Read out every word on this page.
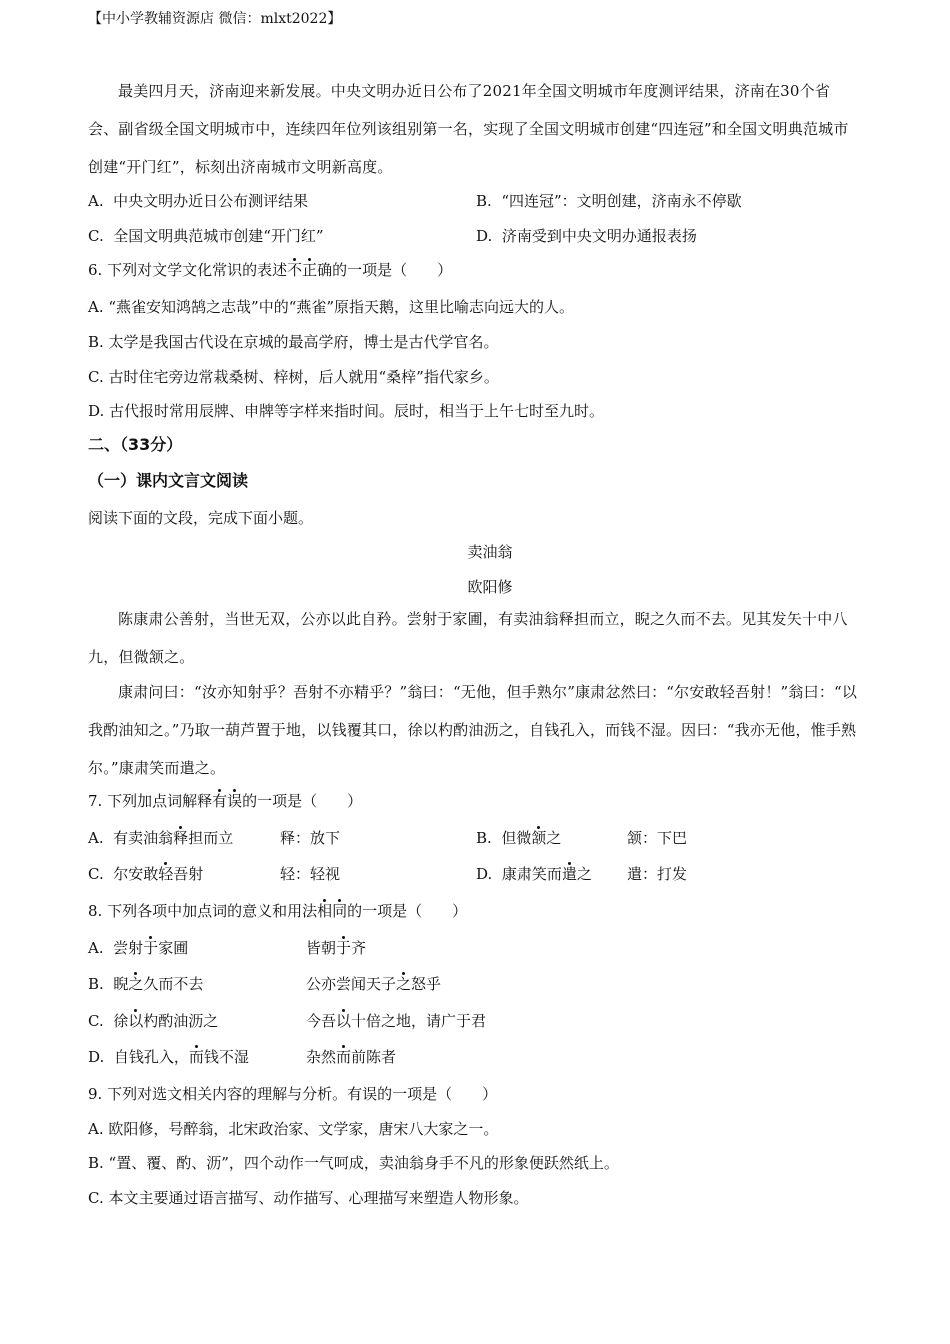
【中小学教辅资源店 微信：mlxt2022】
最美四月天，济南迎来新发展。中央文明办近日公布了2021年全国文明城市年度测评结果，济南在30个省会、副省级全国文明城市中，连续四年位列该组别第一名，实现了全国文明城市创建“四连冠”和全国文明典范城市创建“开门红”，标刻出济南城市文明新高度。
A. 中央文明办近日公布测评结果	B. “四连冠”：文明创建，济南永不停歇
C. 全国文明典范城市创建“开门红”	D. 济南受到中央文明办通报表扬
6. 下列对文学文化常识的表述不正确的一项是（　　）
A. “燕雀安知鸿鹄之志哉”中的“燕雀”原指天鹅，这里比喻志向远大的人。
B. 太学是我国古代设在京城的最高学府，博士是古代学官名。
C. 古时住宅旁边常栽桑树、梓树，后人就用“桑梓”指代家乡。
D. 古代报时常用辰牌、申牌等字样来指时间。辰时，相当于上午七时至九时。
二、（33分）
（一）课内文言文阅读
阅读下面的文段，完成下面小题。
卖油翁
欧阳修
陈康肃公善射，当世无双，公亦以此自矜。尝射于家圃，有卖油翁释担而立，睨之久而不去。见其发矢十中八九，但微颔之。
康肃问曰：“汝亦知射乎？吾射不亦精乎？”翁曰：“无他，但手熟尔”康肃忿然曰：“尔安敢轻吾射！”翁曰：“以我酌油知之。”乃取一葫芦置于地，以钱覆其口，徐以杓酌油沥之，自钱孔入，而钱不湿。因曰：“我亦无他，惟手熟尔。”康肃笑而遣之。
7. 下列加点词解释有误的一项是（　　）
A. 有卖油翁释担而立	释：放下	B. 但微颔之	颔：下巴
C. 尔安敢轻吾射	轻：轻视	D. 康肃笑而遣之 遣：打发
8. 下列各项中加点词的意义和用法相同的一项是（　　）
A. 尝射于家圃	皆朝于齐
B. 睨之久而不去	公亦尝闻天子之怒乎
C. 徐以杓酌油沥之	今吾以十倍之地，请广于君
D. 自钱孔入，而钱不湿	杂然而前陈者
9. 下列对选文相关内容的理解与分析。有误的一项是（　　）
A. 欧阳修，号醉翁，北宋政治家、文学家，唐宋八大家之一。
B. “置、覆、酌、沥”，四个动作一气呵成，卖油翁身手不凡的形象便跃然纸上。
C. 本文主要通过语言描写、动作描写、心理描写来塑造人物形象。
